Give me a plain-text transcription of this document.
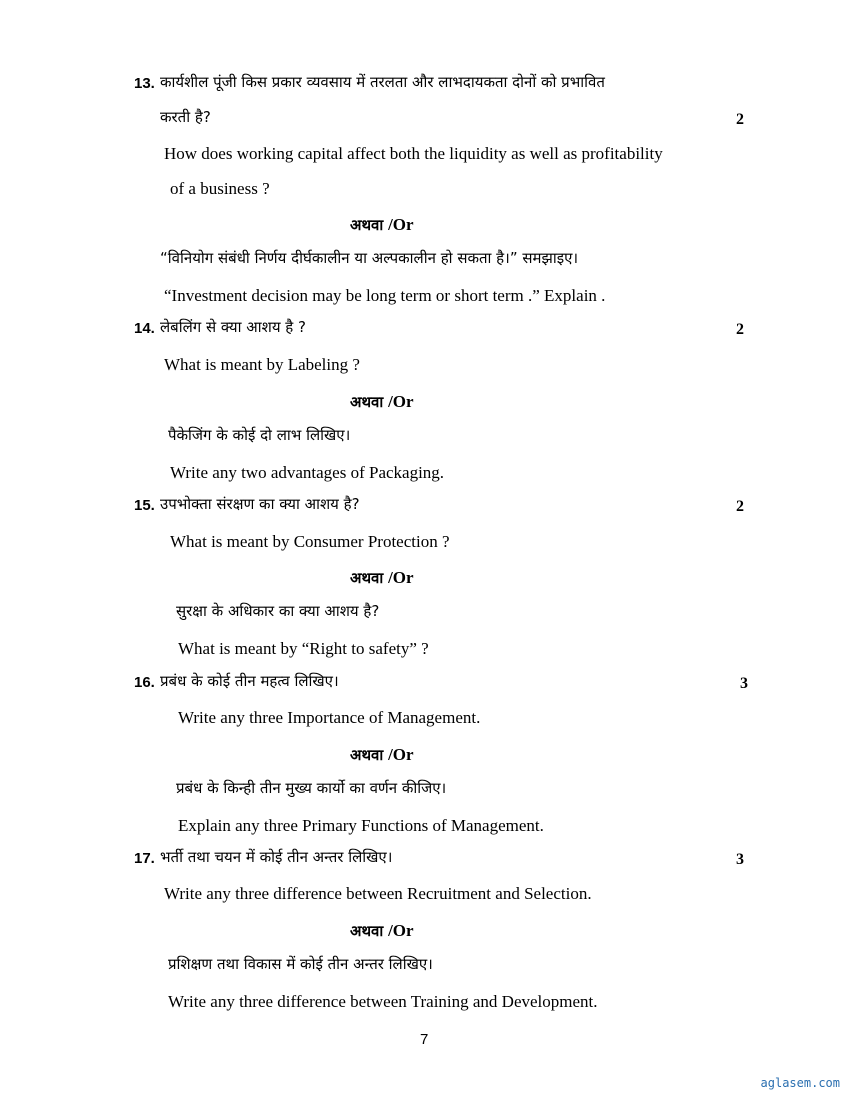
13. कार्यशील पूंजी किस प्रकार व्यवसाय में तरलता और लाभदायकता दोनों को प्रभावित
करती है?	2
How does working capital affect both the liquidity as well as profitability
of a business ?
अथवा /Or
“विनियोग संबंधी निर्णय दीर्घकालीन या अल्पकालीन हो सकता है।” समझाइए।
“Investment decision may be long term or short term .” Explain .
14. लेबलिंग से क्या आशय है ?	2
What is meant by Labeling ?
अथवा /Or
पैकेजिंग के कोई दो लाभ लिखिए।
Write any two advantages of Packaging.
15. उपभोक्ता संरक्षण का क्या आशय है?	2
What is meant by Consumer Protection ?
अथवा /Or
सुरक्षा के अधिकार का क्या आशय है?
What is meant by “Right to safety” ?
16. प्रबंध के कोई तीन महत्व लिखिए।	3
Write any three Importance of Management.
अथवा /Or
प्रबंध के किन्ही तीन मुख्य कार्यो का वर्णन कीजिए।
Explain any three Primary Functions of Management.
17. भर्ती तथा चयन में कोई तीन अन्तर लिखिए।	3
Write any three difference between Recruitment and Selection.
अथवा /Or
प्रशिक्षण तथा विकास में कोई तीन अन्तर लिखिए।
Write any three difference between Training and Development.
7
aglasem.com
